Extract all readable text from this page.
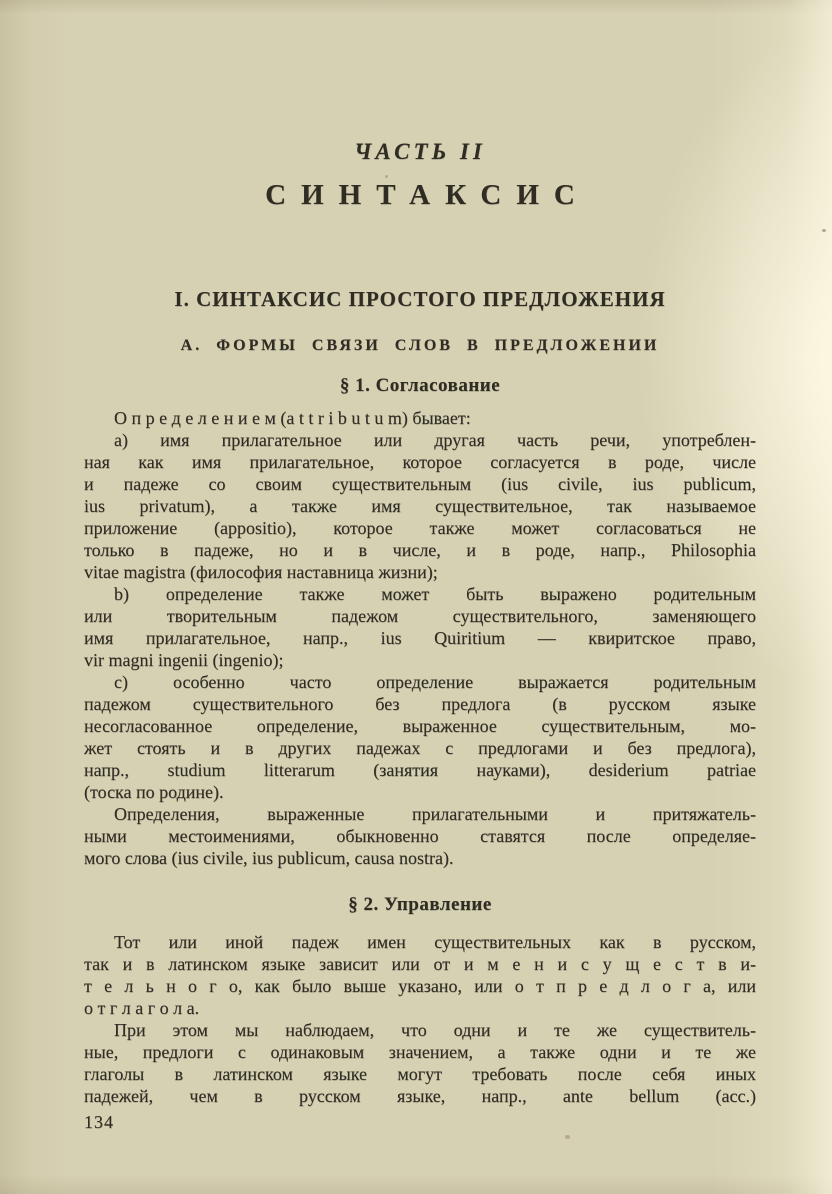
ЧАСТЬ II
СИНТАКСИС
I. СИНТАКСИС ПРОСТОГО ПРЕДЛОЖЕНИЯ
А. ФОРМЫ СВЯЗИ СЛОВ В ПРЕДЛОЖЕНИИ
§ 1. Согласование
О п р е д е л е н и е м (a t t r i b u t u m) бывает:
а) имя прилагательное или другая часть речи, употреблен-
ная как имя прилагательное, которое согласуется в роде, числе
и падеже со своим существительным (ius civile, ius publicum,
ius privatum), а также имя существительное, так называемое
приложение (appositio), которое также может согласоваться не
только в падеже, но и в числе, и в роде, напр., Philosophia
vitae magistra (философия наставница жизни);
b) определение также может быть выражено родительным
или творительным падежом существительного, заменяющего
имя прилагательное, напр., ius Quiritium — квиритское право,
vir magni ingenii (ingenio);
c) особенно часто определение выражается родительным
падежом существительного без предлога (в русском языке
несогласованное определение, выраженное существительным, мо-
жет стоять и в других падежах с предлогами и без предлога),
напр., studium litterarum (занятия науками), desiderium patriae
(тоска по родине).
Определения, выраженные прилагательными и притяжатель-
ными местоимениями, обыкновенно ставятся после определяе-
мого слова (ius civile, ius publicum, causa nostra).
§ 2. Управление
Тот или иной падеж имен существительных как в русском,
так и в латинском языке зависит или от и м е н и с у щ е с т в и-
т е л ь н о г о, как было выше указано, или о т п р е д л о г а, или
о т г л а г о л а.
При этом мы наблюдаем, что одни и те же существитель-
ные, предлоги с одинаковым значением, а также одни и те же
глаголы в латинском языке могут требовать после себя иных
падежей, чем в русском языке, напр., ante bellum (acc.)
134
